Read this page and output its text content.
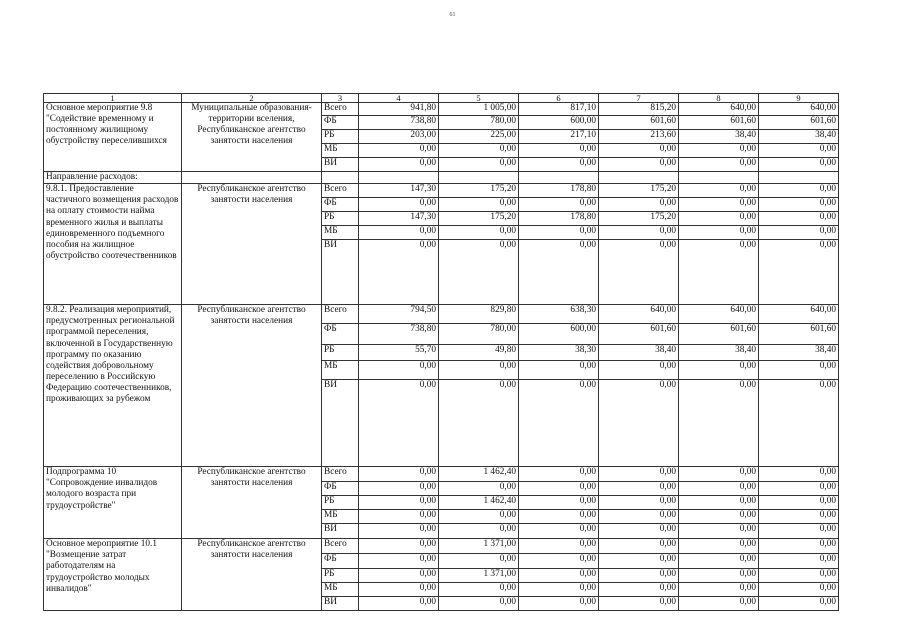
61
1	2	3	4	5	6	7	8	9
Основное мероприятие 9.8 "Содействие временному и постоянному жилищному обустройству переселившихся	Муниципальные образования-территории вселения, Республиканское агентство занятости населения	Всего	941,80	1 005,00	817,10	815,20	640,00	640,00
		ФБ	738,80	780,00	600,00	601,60	601,60	601,60
		РБ	203,00	225,00	217,10	213,60	38,40	38,40
		МБ	0,00	0,00	0,00	0,00	0,00	0,00
		ВИ	0,00	0,00	0,00	0,00	0,00	0,00
Направление расходов:								
9.8.1. Предоставление частичного возмещения расходов на оплату стоимости найма временного жилья и выплаты единовременного подъемного пособия на жилищное обустройство соотечественников	Республиканское агентство занятости населения	Всего	147,30	175,20	178,80	175,20	0,00	0,00
		ФБ	0,00	0,00	0,00	0,00	0,00	0,00
		РБ	147,30	175,20	178,80	175,20	0,00	0,00
		МБ	0,00	0,00	0,00	0,00	0,00	0,00
		ВИ	0,00	0,00	0,00	0,00	0,00	0,00
9.8.2. Реализация мероприятий, предусмотренных региональной программой переселения, включенной в Государственную программу по оказанию содействия добровольному переселению в Российскую Федерацию соотечественников, проживающих за рубежом	Республиканское агентство занятости населения	Всего	794,50	829,80	638,30	640,00	640,00	640,00
		ФБ	738,80	780,00	600,00	601,60	601,60	601,60
		РБ	55,70	49,80	38,30	38,40	38,40	38,40
		МБ	0,00	0,00	0,00	0,00	0,00	0,00
		ВИ	0,00	0,00	0,00	0,00	0,00	0,00
Подпрограмма 10 "Сопровождение инвалидов молодого возраста при трудоустройстве"	Республиканское агентство занятости населения	Всего	0,00	1 462,40	0,00	0,00	0,00	0,00
		ФБ	0,00	0,00	0,00	0,00	0,00	0,00
		РБ	0,00	1 462,40	0,00	0,00	0,00	0,00
		МБ	0,00	0,00	0,00	0,00	0,00	0,00
		ВИ	0,00	0,00	0,00	0,00	0,00	0,00
Основное мероприятие 10.1 "Возмещение затрат работодателям на трудоустройство молодых инвалидов"	Республиканское агентство занятости населения	Всего	0,00	1 371,00	0,00	0,00	0,00	0,00
		ФБ	0,00	0,00	0,00	0,00	0,00	0,00
		РБ	0,00	1 371,00	0,00	0,00	0,00	0,00
		МБ	0,00	0,00	0,00	0,00	0,00	0,00
		ВИ	0,00	0,00	0,00	0,00	0,00	0,00
